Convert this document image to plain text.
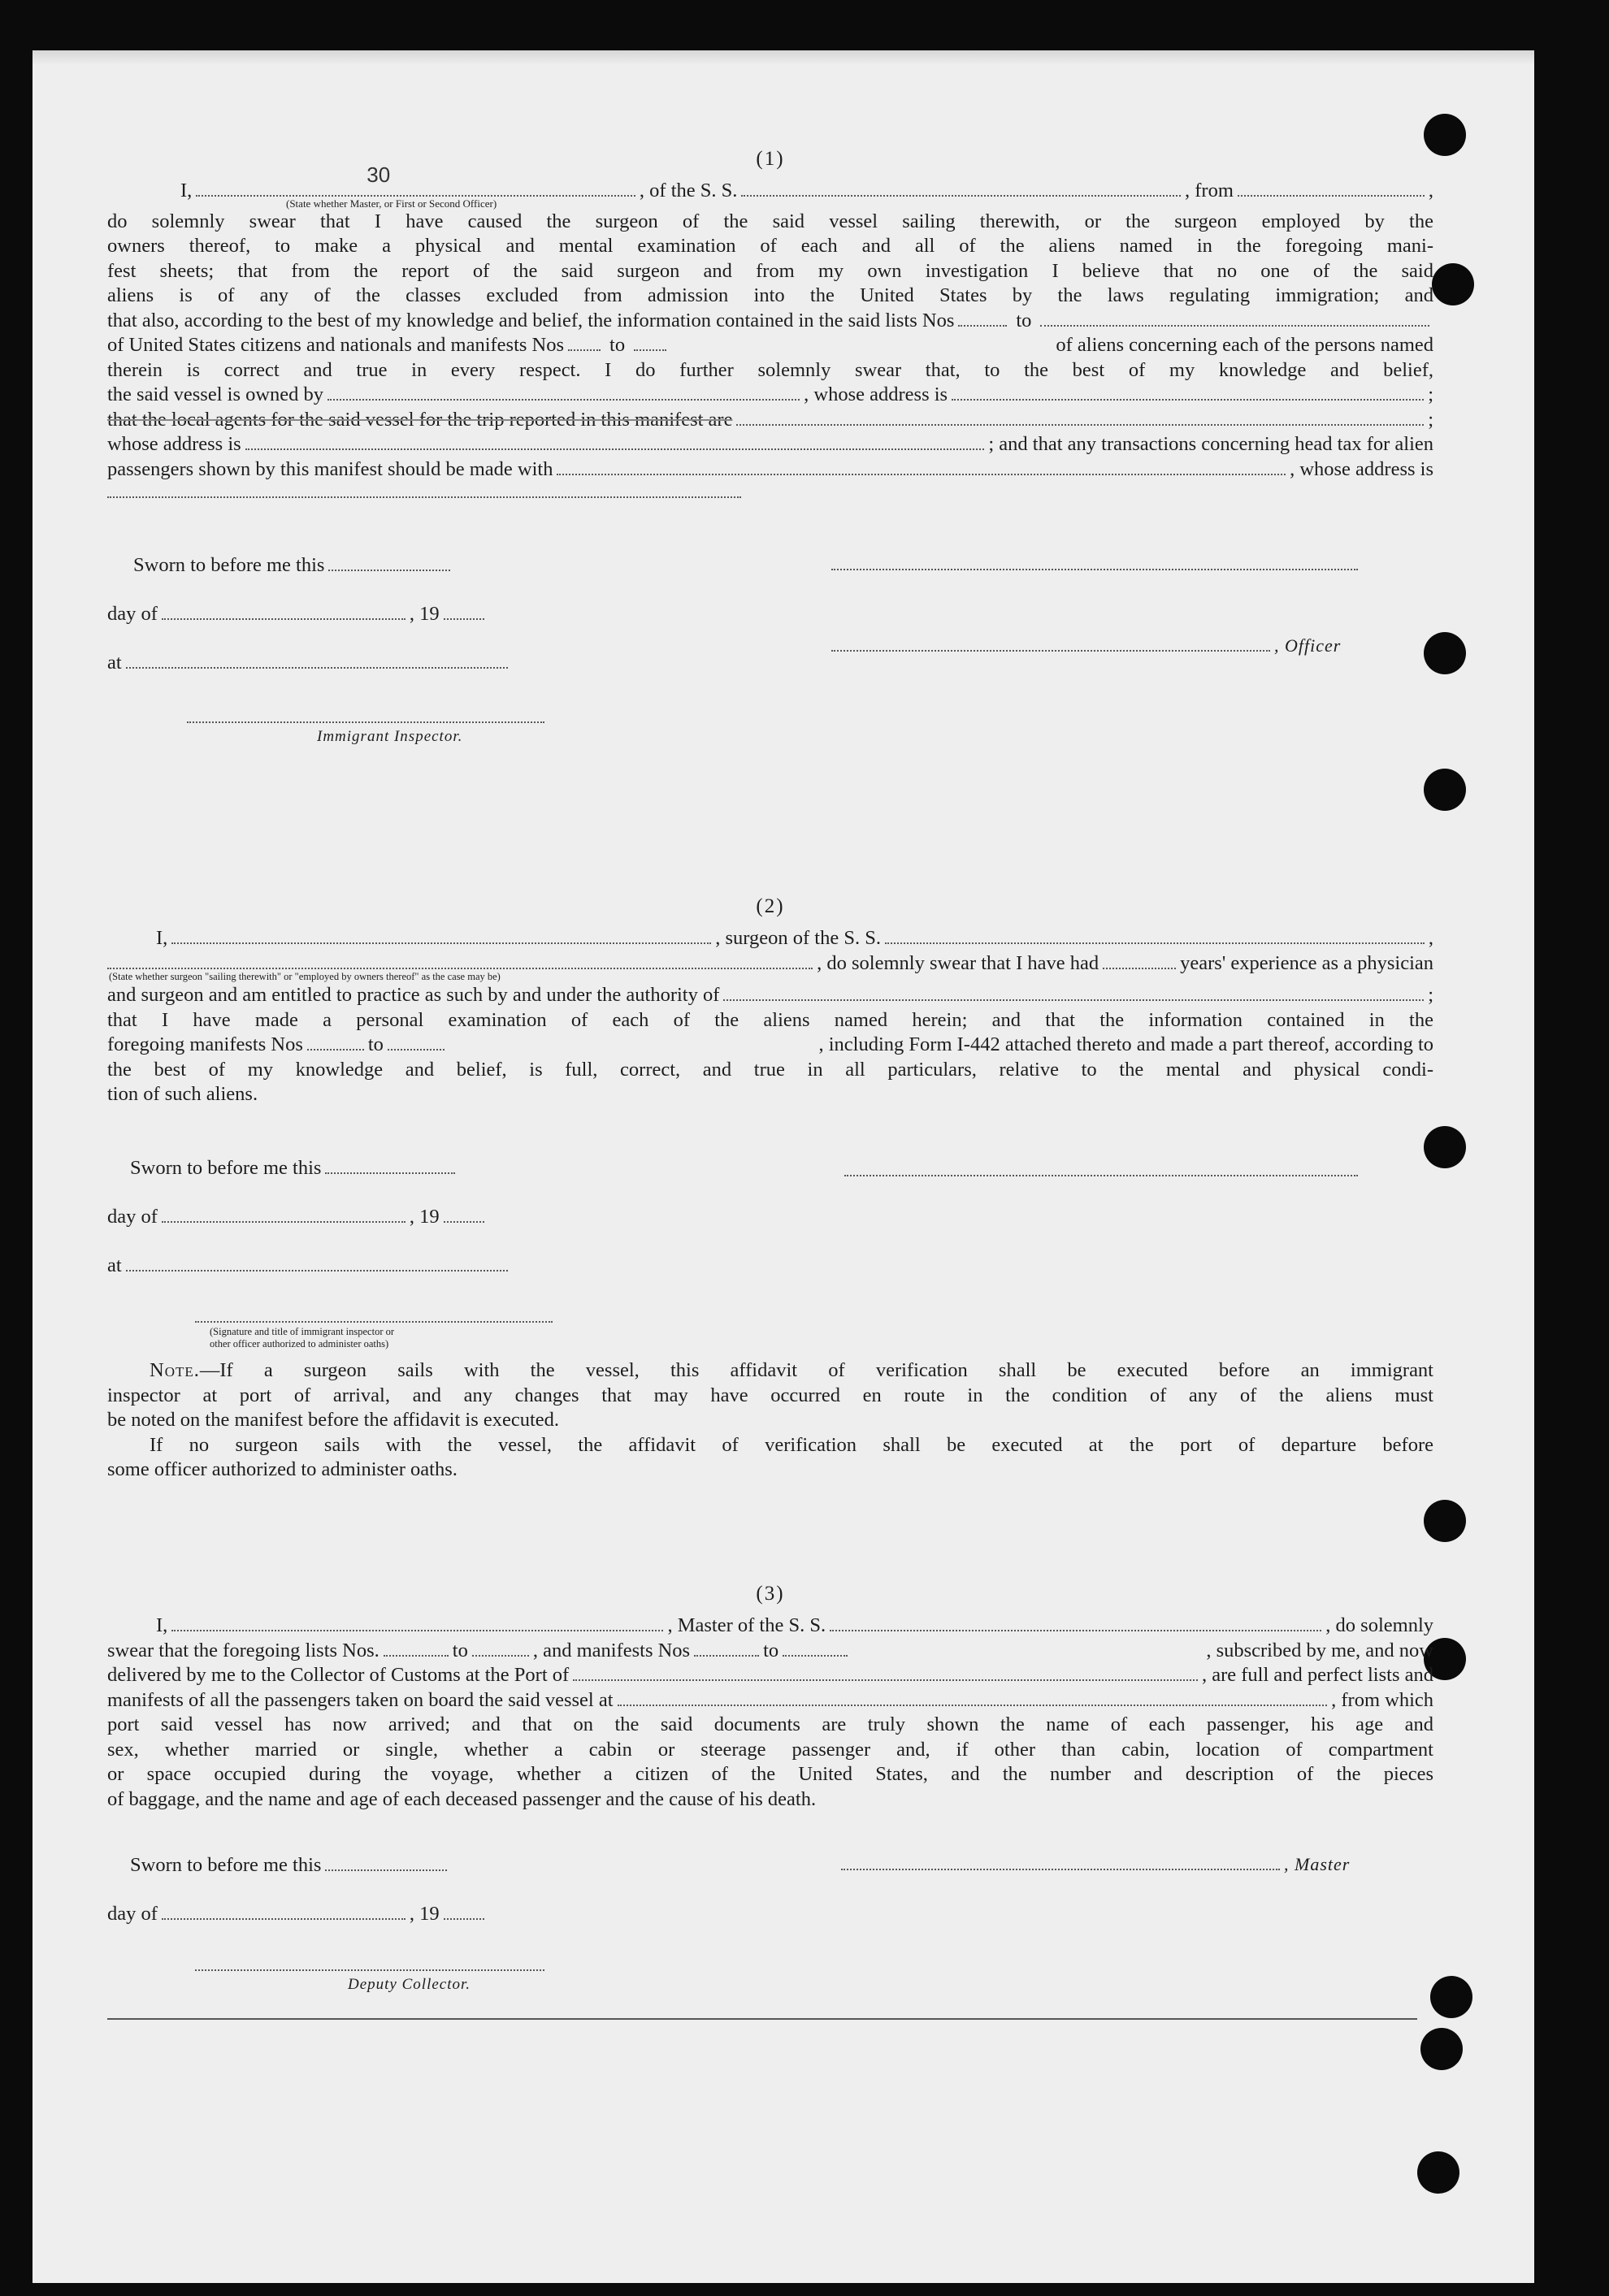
(1)
I,
30
, of the S. S.	, from	,
(State whether Master, or First or Second Officer)
do solemnly swear that I have caused the surgeon of the said vessel sailing therewith, or the surgeon employed by the
owners thereof, to make a physical and mental examination of each and all of the aliens named in the foregoing mani-
fest sheets; that from the report of the said surgeon and from my own investigation I believe that no one of the said
aliens is of any of the classes excluded from admission into the United States by the laws regulating immigration; and
that also, according to the best of my knowledge and belief, the information contained in the said lists Nos	to
of United States citizens and nationals and manifests Nos to	of aliens concerning each of the persons named
therein is correct and true in every respect. I do further solemnly swear that, to the best of my knowledge and belief,
the said vessel is owned by	, whose address is	;
that the local agents for the said vessel for the trip reported in this manifest are	;
whose address is	; and that any transactions concerning head tax for alien
passengers shown by this manifest should be made with	, whose address is
Sworn to before me this
day of	, 19
at
Immigrant Inspector.
, Officer
(2)
I,	, surgeon of the S. S.	,
, do solemnly swear that I have had	years' experience as a physician
(State whether surgeon "sailing therewith" or "employed by owners thereof" as the case may be)
and surgeon and am entitled to practice as such by and under the authority of	;
that I have made a personal examination of each of the aliens named herein; and that the information contained in the
foregoing manifests Nos	to	, including Form I-442 attached thereto and made a part thereof, according to
the best of my knowledge and belief, is full, correct, and true in all particulars, relative to the mental and physical condi-
tion of such aliens.
Sworn to before me this
day of	, 19
at
(Signature and title of immigrant inspector or
other officer authorized to administer oaths)
Note.—If a surgeon sails with the vessel, this affidavit of verification shall be executed before an immigrant
inspector at port of arrival, and any changes that may have occurred en route in the condition of any of the aliens must
be noted on the manifest before the affidavit is executed.
If no surgeon sails with the vessel, the affidavit of verification shall be executed at the port of departure before
some officer authorized to administer oaths.
(3)
I,	, Master of the S. S.	, do solemnly
swear that the foregoing lists Nos.	to	, and manifests Nos	to	, subscribed by me, and now
delivered by me to the Collector of Customs at the Port of	, are full and perfect lists and
manifests of all the passengers taken on board the said vessel at	, from which
port said vessel has now arrived; and that on the said documents are truly shown the name of each passenger, his age and
sex, whether married or single, whether a cabin or steerage passenger and, if other than cabin, location of compartment
or space occupied during the voyage, whether a citizen of the United States, and the number and description of the pieces
of baggage, and the name and age of each deceased passenger and the cause of his death.
Sworn to before me this
day of	, 19
Deputy Collector.
, Master
